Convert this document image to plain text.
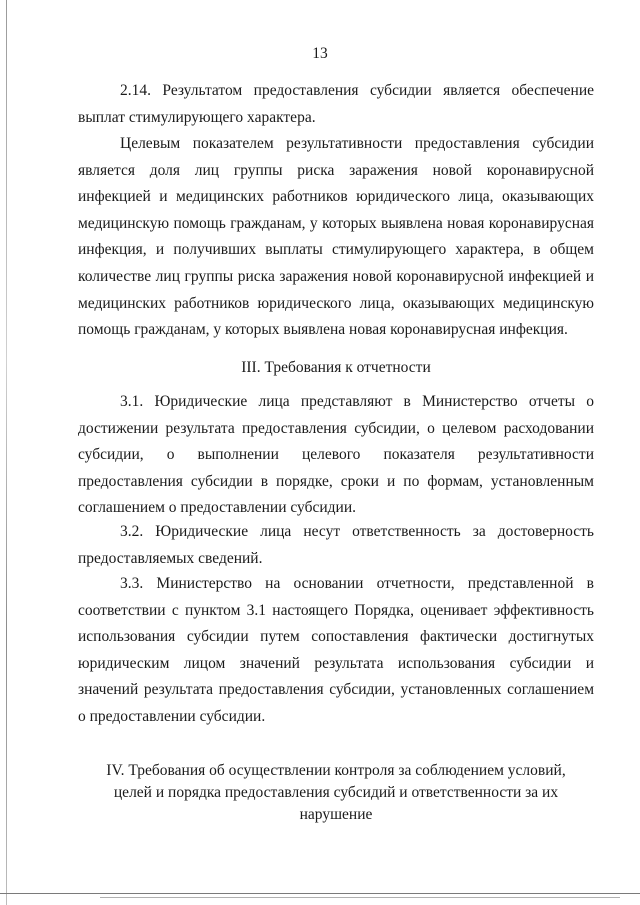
13

2.14. Результатом предоставления субсидии является обеспечение выплат стимулирующего характера.

Целевым показателем результативности предоставления субсидии является доля лиц группы риска заражения новой коронавирусной инфекцией и медицинских работников юридического лица, оказывающих медицинскую помощь гражданам, у которых выявлена новая коронавирусная инфекция, и получивших выплаты стимулирующего характера, в общем количестве лиц группы риска заражения новой коронавирусной инфекцией и медицинских работников юридического лица, оказывающих медицинскую помощь гражданам, у которых выявлена новая коронавирусная инфекция.

III. Требования к отчетности

3.1. Юридические лица представляют в Министерство отчеты о достижении результата предоставления субсидии, о целевом расходовании субсидии, о выполнении целевого показателя результативности предоставления субсидии в порядке, сроки и по формам, установленным соглашением о предоставлении субсидии.

3.2. Юридические лица несут ответственность за достоверность предоставляемых сведений.

3.3. Министерство на основании отчетности, представленной в соответствии с пунктом 3.1 настоящего Порядка, оценивает эффективность использования субсидии путем сопоставления фактически достигнутых юридическим лицом значений результата использования субсидии и значений результата предоставления субсидии, установленных соглашением о предоставлении субсидии.

IV. Требования об осуществлении контроля за соблюдением условий,
целей и порядка предоставления субсидий и ответственности за их нарушение
